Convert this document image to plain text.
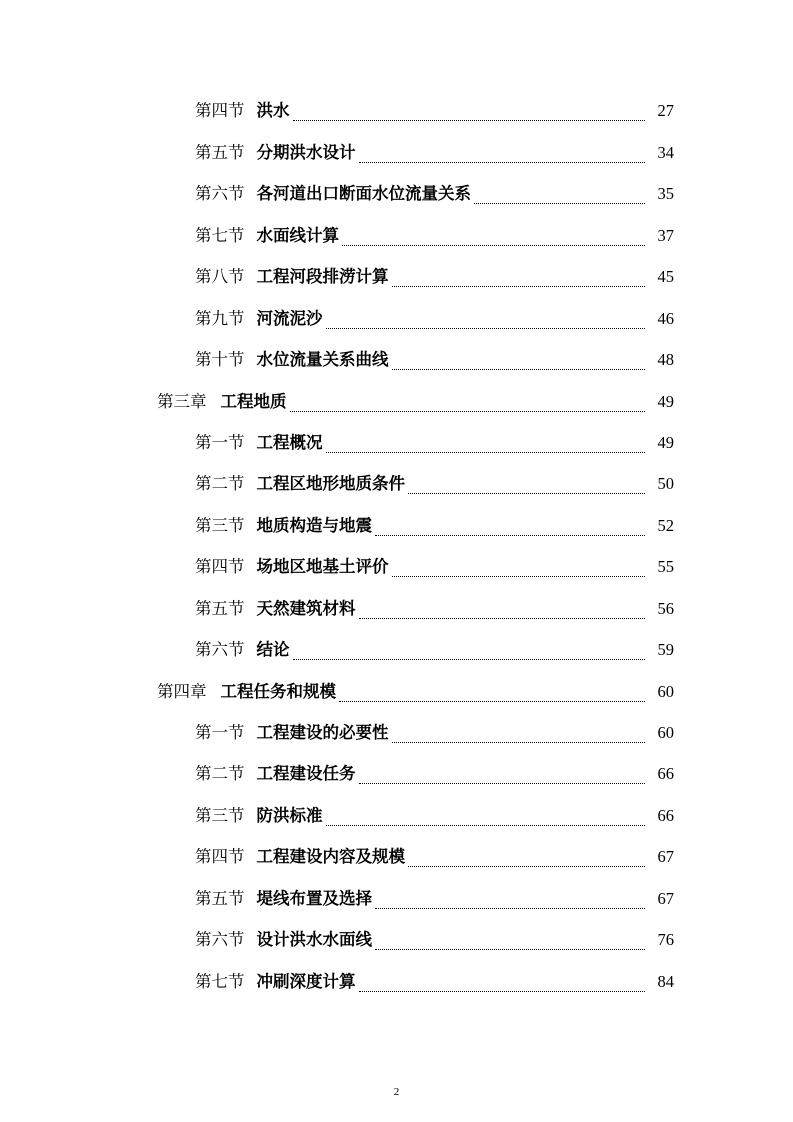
第四节 洪水	27
第五节 分期洪水设计	34
第六节 各河道出口断面水位流量关系	35
第七节 水面线计算	37
第八节 工程河段排涝计算	45
第九节 河流泥沙	46
第十节 水位流量关系曲线	48
第三章 工程地质	49
第一节 工程概况	49
第二节 工程区地形地质条件	50
第三节 地质构造与地震	52
第四节 场地区地基土评价	55
第五节 天然建筑材料	56
第六节 结论	59
第四章 工程任务和规模	60
第一节 工程建设的必要性	60
第二节 工程建设任务	66
第三节 防洪标准	66
第四节 工程建设内容及规模	67
第五节 堤线布置及选择	67
第六节 设计洪水水面线	76
第七节 冲刷深度计算	84
2
